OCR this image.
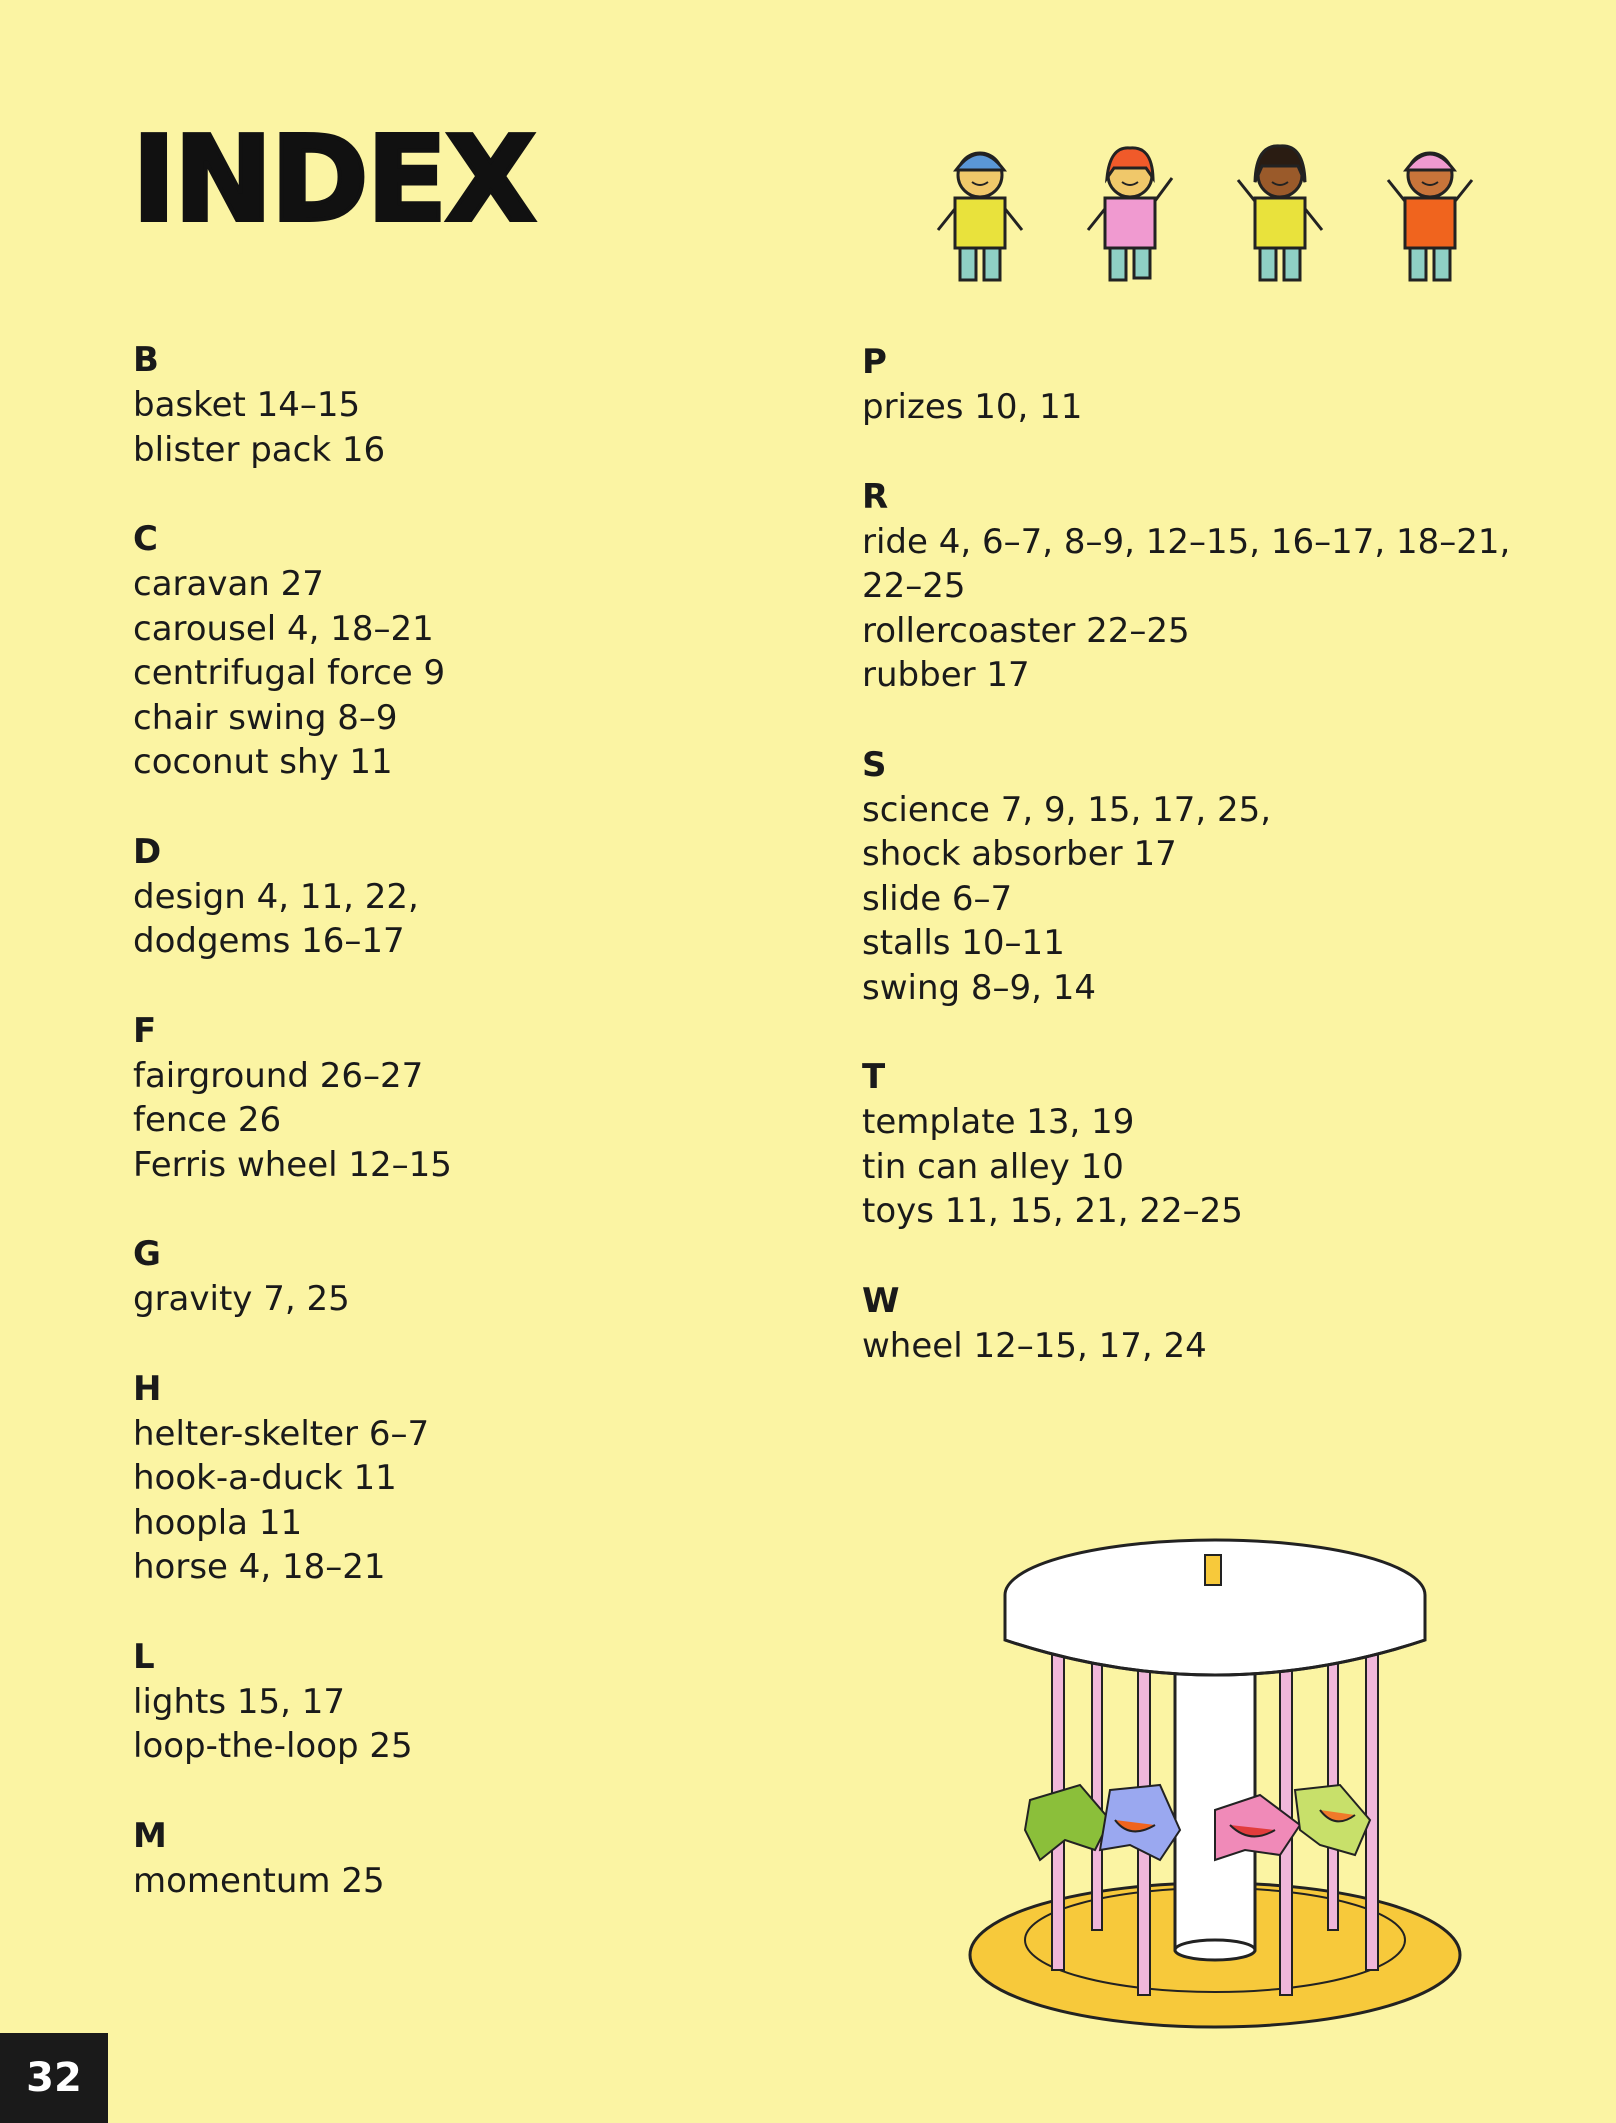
INDEX
B
basket 14–15
blister pack 16
C
caravan 27
carousel 4, 18–21
centrifugal force 9
chair swing 8–9
coconut shy 11
D
design 4, 11, 22,
dodgems 16–17
F
fairground 26–27
fence 26
Ferris wheel 12–15
G
gravity 7, 25
H
helter-skelter 6–7
hook-a-duck 11
hoopla 11
horse 4, 18–21
L
lights 15, 17
loop-the-loop 25
M
momentum 25
P
prizes 10, 11
R
ride 4, 6–7, 8–9, 12–15, 16–17, 18–21,
22–25
rollercoaster 22–25
rubber 17
S
science 7, 9, 15, 17, 25,
shock absorber 17
slide 6–7
stalls 10–11
swing 8–9, 14
T
template 13, 19
tin can alley 10
toys 11, 15, 21, 22–25
W
wheel 12–15, 17, 24
32
